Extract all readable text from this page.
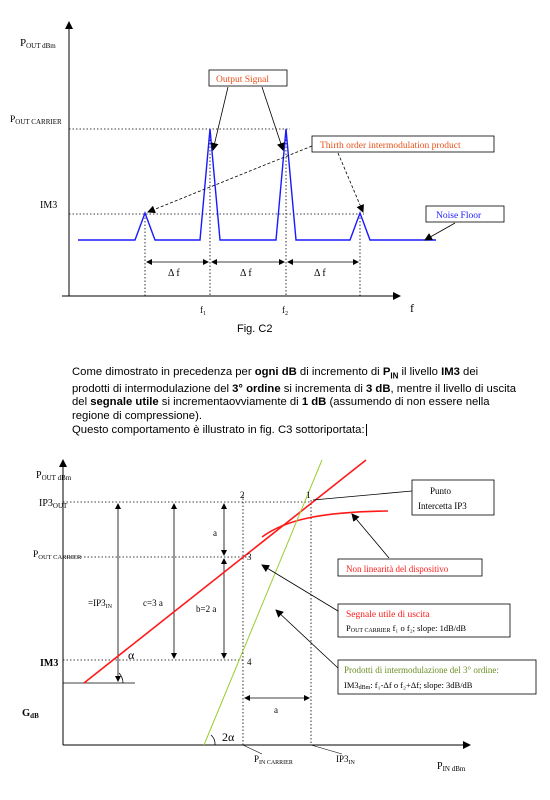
POUT dBm
f
$P_{OUT CARRIER}$
IM3
Δ f	Δ f	Δ f
$f_1$	$f_2$
Output Signal
Thirth order intermodulation product
Noise Floor
Fig. C2

Come dimostrato in precedenza per ogni dB di incremento di $P_{IN}$ il livello IM3 dei

prodotti di intermodulazione del 3° ordine si incrementa di 3 dB, mentre il livello di uscita

del segnale utile si incrementaovviamente di 1 dB (assumendo di non essere nella

regione di compressione).

Questo comportamento è illustrato in fig. C3 sottoriportata:

$P_{OUT dBm}$
$P_{IN dBm}$
$IP3_{OUT}$
$P_{OUT CARRIER}$
IM3
GdB
$=IP3_{IN}$	c=3 a
b=2 a
a
a
α
2α
1
2
3
4
$P_{IN CARRIER}$	$IP3_{IN}$
Punto
Intercetta IP3
Non linearità del dispositivo
Segnale utile di uscita
POUT CARRIER f₁ o f₂; slope: 1dB/dB
Prodotti di intermodulazione del 3° ordine:
IM3dBm: f₁-Δf o f₂+Δf; slope: 3dB/dB
